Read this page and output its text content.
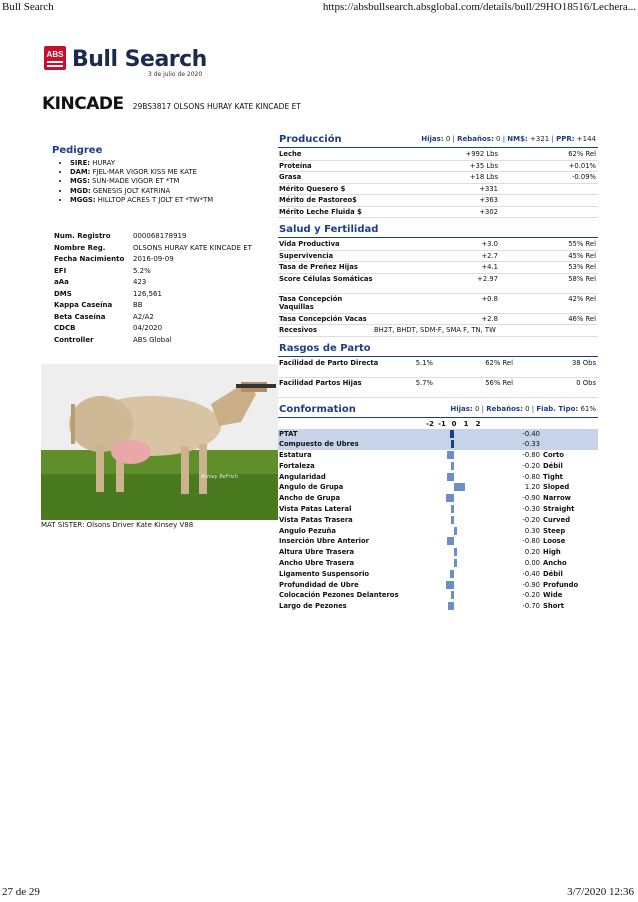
Bull Search	https://absbullsearch.absglobal.com/details/bull/29HO18516/Lechera...
ABS Bull Search
3 de julio de 2020
KINCADE 29BS3817 OLSONS HURAY KATE KINCADE ET
Pedigree
• SIRE: HURAY
• DAM: FJEL-MAR VIGOR KISS ME KATE
• MGS: SUN-MADE VIGOR ET *TM
• MGD: GENESIS JOLT KATRINA
• MGGS: HILLTOP ACRES T JOLT ET *TW*TM
Num. Registro	000068178919
Nombre Reg.	OLSONS HURAY KATE KINCADE ET
Fecha Nacimiento	2016-09-09
EFI	5.2%
aAa	423
DMS	126,561
Kappa Caseína	BB
Beta Caseína	A2/A2
CDCB	04/2020
Controller	ABS Global
Ashley BeFrich
MAT SISTER: Olsons Driver Kate Kinsey V88
Producción	Hijas: 0 | Rebaños: 0 | NM$: +321 | PPR: +144
Leche	+992 Lbs	62% Rel
Proteína	+35 Lbs	+0.01%
Grasa	+18 Lbs	-0.09%
Mérito Quesero $	+331
Mérito de Pastoreo$	+363
Mérito Leche Fluida $	+302
Salud y Fertilidad
Vida Productiva	+3.0	55% Rel
Supervivencia	+2.7	45% Rel
Tasa de Preñez Hijas	+4.1	53% Rel
Score Células Somáticas	+2.97	58% Rel
Tasa Concepción Vaquillas
+0.8	42% Rel
Tasa Concepción Vacas	+2.8	46% Rel
Recesivos	BH2T, BHDT, SDM-F, SMA F, TN, TW
Rasgos de Parto
Facilidad de Parto Directa	5.1%	62% Rel	38 Obs
Facilidad Partos Hijas	5.7%	56% Rel	0 Obs
Conformation	Hijas: 0 | Rebaños: 0 | Fiab. Tipo: 61%
-2 -1 0	1	2
PTAT	-0.40
Compuesto de Ubres	-0.33
Estatura	-0.80 Corto
Fortaleza	-0.20 Débil
Angularidad	-0.80 Tight
Angulo de Grupa	1.20 Sloped
Ancho de Grupa	-0.90 Narrow
Vista Patas Lateral	-0.30 Straight
Vista Patas Trasera	-0.20 Curved
Angulo Pezuña	0.30 Steep
Inserción Ubre Anterior	-0.80 Loose
Altura Ubre Trasera	0.20 High
Ancho Ubre Trasera	0.00 Ancho
Ligamento Suspensorio	-0.40 Débil
Profundidad de Ubre	-0.90 Profundo
Colocación Pezones Delanteros	-0.20 Wide
Largo de Pezones	-0.70 Short
27 de 29	3/7/2020 12:36
